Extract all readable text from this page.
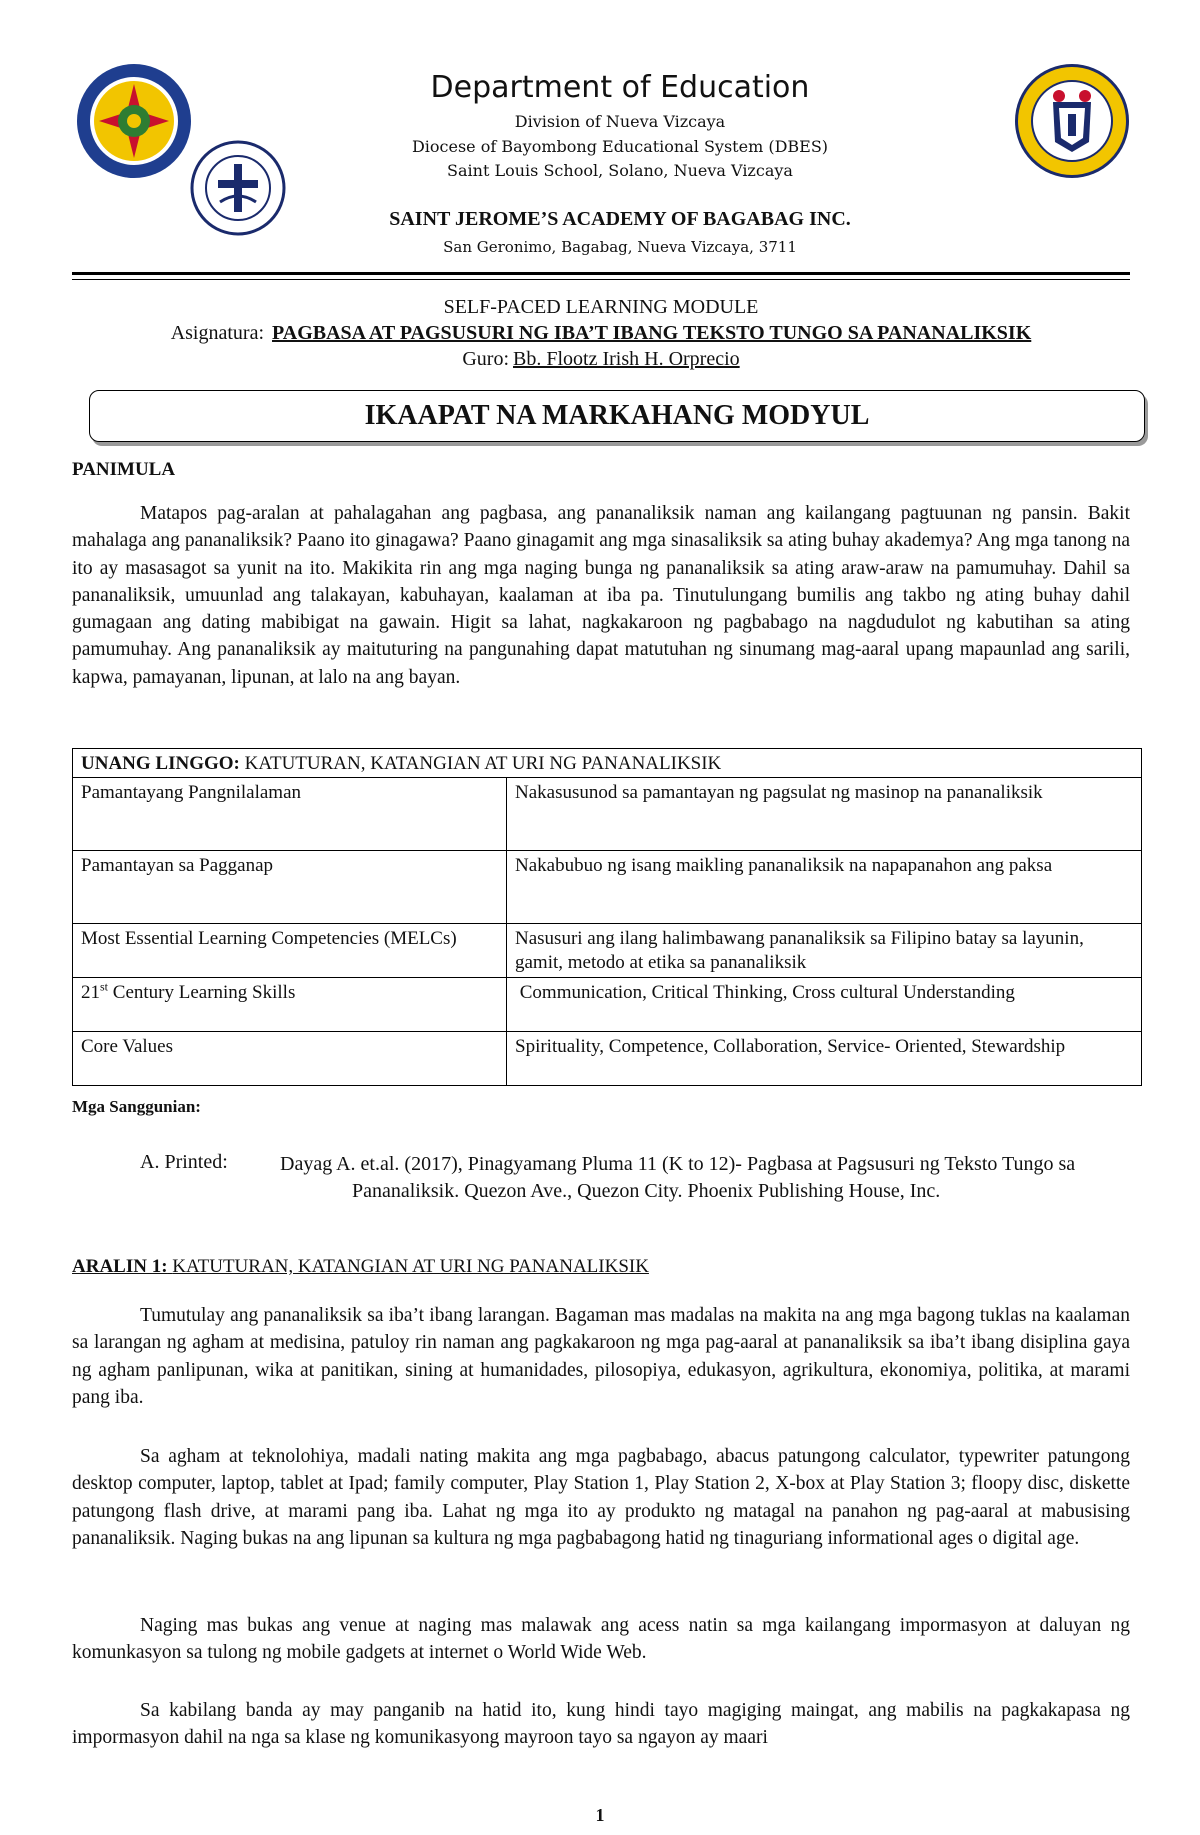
Department of Education
Division of Nueva Vizcaya
Diocese of Bayombong Educational System (DBES)
Saint Louis School, Solano, Nueva Vizcaya
SAINT JEROME’S ACADEMY OF BAGABAG INC.
San Geronimo, Bagabag, Nueva Vizcaya, 3711
SELF-PACED LEARNING MODULE
Asignatura: PAGBASA AT PAGSUSURI NG IBA’T IBANG TEKSTO TUNGO SA PANANALIKSIK
Guro: Bb. Flootz Irish H. Orprecio
IKAAPAT NA MARKAHANG MODYUL
PANIMULA

Matapos pag-aralan at pahalagahan ang pagbasa, ang pananaliksik naman ang kailangang pagtuunan ng pansin. Bakit mahalaga ang pananaliksik? Paano ito ginagawa? Paano ginagamit ang mga sinasaliksik sa ating buhay akademya? Ang mga tanong na ito ay masasagot sa yunit na ito. Makikita rin ang mga naging bunga ng pananaliksik sa ating araw-araw na pamumuhay. Dahil sa pananaliksik, umuunlad ang talakayan, kabuhayan, kaalaman at iba pa. Tinutulungang bumilis ang takbo ng ating buhay dahil gumagaan ang dating mabibigat na gawain. Higit sa lahat, nagkakaroon ng pagbabago na nagdudulot ng kabutihan sa ating pamumuhay. Ang pananaliksik ay maituturing na pangunahing dapat matutuhan ng sinumang mag-aaral upang mapaunlad ang sarili, kapwa, pamayanan, lipunan, at lalo na ang bayan.

UNANG LINGGO: KATUTURAN, KATANGIAN AT URI NG PANANALIKSIK	
Pamantayang Pangnilalaman	Nakasusunod sa pamantayan ng pagsulat ng masinop na pananaliksik
Pamantayan sa Pagganap	Nakabubuo ng isang maikling pananaliksik na napapanahon ang paksa
Most Essential Learning Competencies (MELCs)	Nasusuri ang ilang halimbawang pananaliksik sa Filipino batay sa layunin, gamit, metodo at etika sa pananaliksik
21st Century Learning Skills	Communication, Critical Thinking, Cross cultural Understanding
Core Values	Spirituality, Competence, Collaboration, Service- Oriented, Stewardship
Mga Sanggunian:
A. Printed:	Dayag A. et.al. (2017), Pinagyamang Pluma 11 (K to 12)- Pagbasa at Pagsusuri ng Teksto Tungo sa Pananaliksik. Quezon Ave., Quezon City. Phoenix Publishing House, Inc.

ARALIN 1: KATUTURAN, KATANGIAN AT URI NG PANANALIKSIK

Tumutulay ang pananaliksik sa iba’t ibang larangan. Bagaman mas madalas na makita na ang mga bagong tuklas na kaalaman sa larangan ng agham at medisina, patuloy rin naman ang pagkakaroon ng mga pag-aaral at pananaliksik sa iba’t ibang disiplina gaya ng agham panlipunan, wika at panitikan, sining at humanidades, pilosopiya, edukasyon, agrikultura, ekonomiya, politika, at marami pang iba.

Sa agham at teknolohiya, madali nating makita ang mga pagbabago, abacus patungong calculator, typewriter patungong desktop computer, laptop, tablet at Ipad; family computer, Play Station 1, Play Station 2, X-box at Play Station 3; floopy disc, diskette patungong flash drive, at marami pang iba. Lahat ng mga ito ay produkto ng matagal na panahon ng pag-aaral at mabusising pananaliksik. Naging bukas na ang lipunan sa kultura ng mga pagbabagong hatid ng tinaguriang informational ages o digital age.

Naging mas bukas ang venue at naging mas malawak ang acess natin sa mga kailangang impormasyon at daluyan ng komunkasyon sa tulong ng mobile gadgets at internet o World Wide Web.

Sa kabilang banda ay may panganib na hatid ito, kung hindi tayo magiging maingat, ang mabilis na pagkakapasa ng impormasyon dahil na nga sa klase ng komunikasyong mayroon tayo sa ngayon ay maari

1
